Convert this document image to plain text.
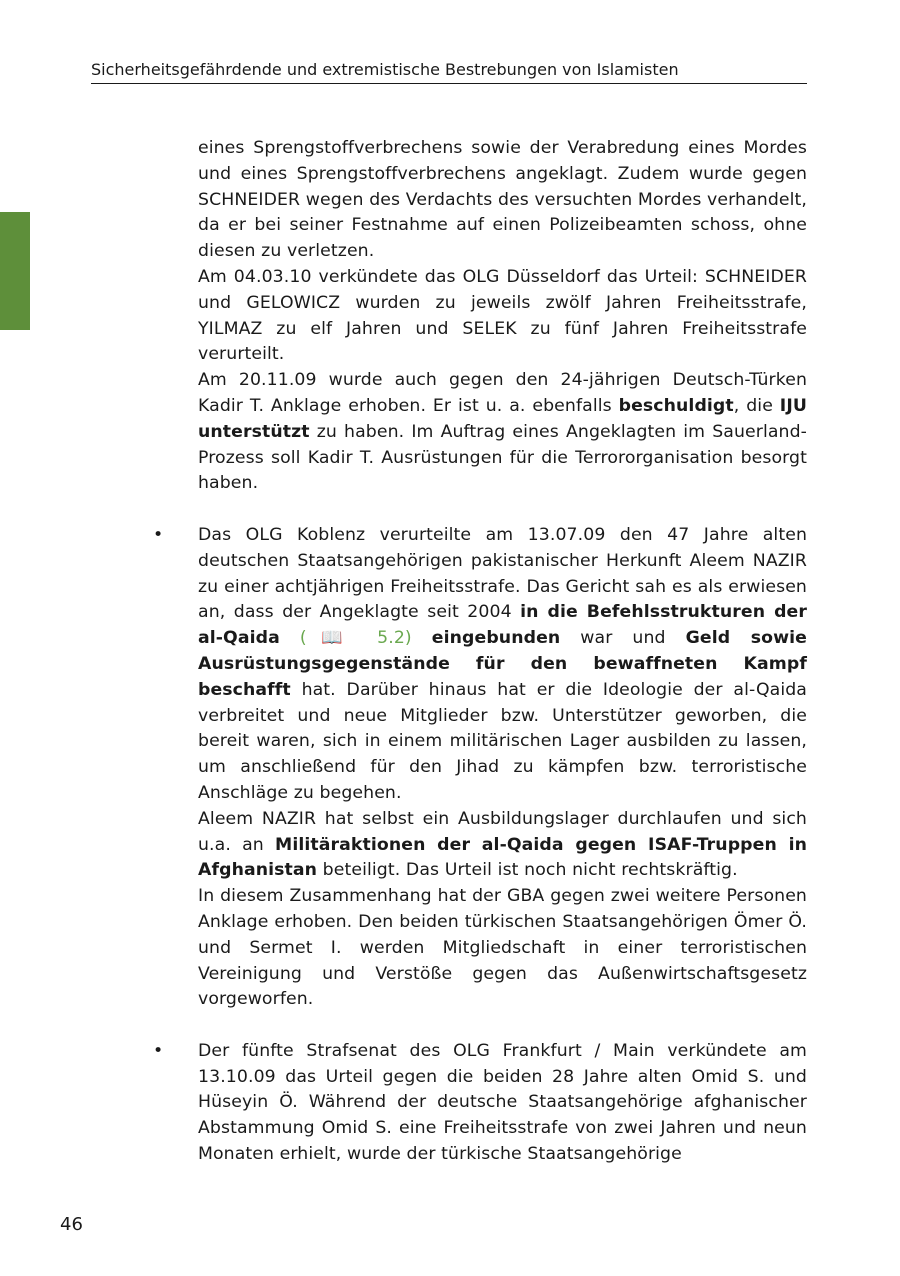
Sicherheitsgefährdende und extremistische Bestrebungen von Islamisten

eines Sprengstoffverbrechens sowie der Verabredung eines Mordes und eines Sprengstoffverbrechens angeklagt. Zudem wurde gegen SCHNEIDER wegen des Verdachts des versuchten Mordes verhandelt, da er bei seiner Festnahme auf einen Polizeibeamten schoss, ohne diesen zu verletzen.

Am 04.03.10 verkündete das OLG Düsseldorf das Urteil: SCHNEIDER und GELOWICZ wurden zu jeweils zwölf Jahren Freiheitsstrafe, YILMAZ zu elf Jahren und SELEK zu fünf Jahren Freiheitsstrafe verurteilt.

Am 20.11.09 wurde auch gegen den 24-jährigen Deutsch-Türken Kadir T. Anklage erhoben. Er ist u. a. ebenfalls beschuldigt, die IJU unterstützt zu haben. Im Auftrag eines Angeklagten im Sauerland-Prozess soll Kadir T. Ausrüstungen für die Terrororganisation besorgt haben.

• Das OLG Koblenz verurteilte am 13.07.09 den 47 Jahre alten deutschen Staatsangehörigen pakistanischer Herkunft Aleem NAZIR zu einer achtjährigen Freiheitsstrafe. Das Gericht sah es als erwiesen an, dass der Angeklagte seit 2004 in die Befehlsstrukturen der al-Qaida (📖 5.2) eingebunden war und Geld sowie Ausrüstungsgegenstände für den bewaffneten Kampf beschafft hat. Darüber hinaus hat er die Ideologie der al-Qaida verbreitet und neue Mitglieder bzw. Unterstützer geworben, die bereit waren, sich in einem militärischen Lager ausbilden zu lassen, um anschließend für den Jihad zu kämpfen bzw. terroristische Anschläge zu begehen.

Aleem NAZIR hat selbst ein Ausbildungslager durchlaufen und sich u.a. an Militäraktionen der al-Qaida gegen ISAF-Truppen in Afghanistan beteiligt. Das Urteil ist noch nicht rechtskräftig.

In diesem Zusammenhang hat der GBA gegen zwei weitere Personen Anklage erhoben. Den beiden türkischen Staatsangehörigen Ömer Ö. und Sermet I. werden Mitgliedschaft in einer terroristischen Vereinigung und Verstöße gegen das Außenwirtschaftsgesetz vorgeworfen.

• Der fünfte Strafsenat des OLG Frankfurt / Main verkündete am 13.10.09 das Urteil gegen die beiden 28 Jahre alten Omid S. und Hüseyin Ö. Während der deutsche Staatsangehörige afghanischer Abstammung Omid S. eine Freiheitsstrafe von zwei Jahren und neun Monaten erhielt, wurde der türkische Staatsangehörige

46
